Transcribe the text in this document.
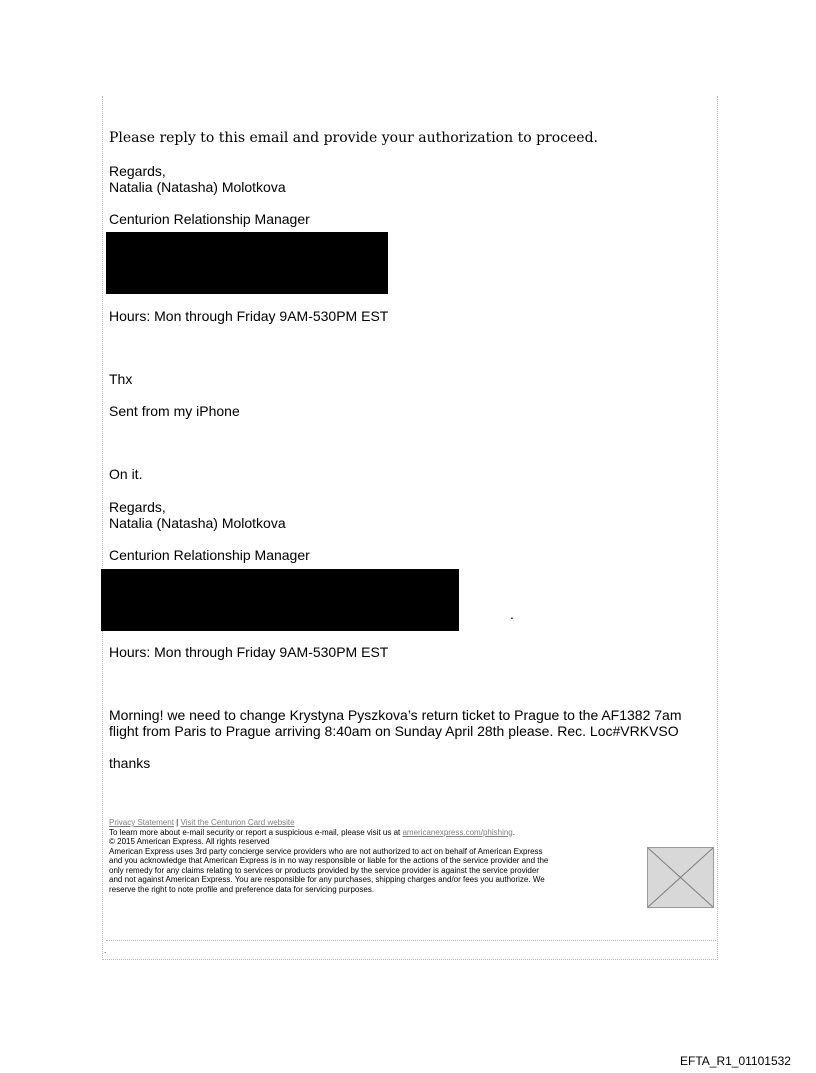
Please reply to this email and provide your authorization to proceed.
Regards,
Natalia (Natasha) Molotkova
Centurion Relationship Manager
Hours: Mon through Friday 9AM-530PM EST
Thx
Sent from my iPhone
On it.
Regards,
Natalia (Natasha) Molotkova
Centurion Relationship Manager
.
Hours: Mon through Friday 9AM-530PM EST
Morning! we need to change Krystyna Pyszkova’s return ticket to Prague to the AF1382 7am
flight from Paris to Prague arriving 8:40am on Sunday April 28th please. Rec. Loc#VRKVSO
thanks
Privacy Statement | Visit the Centurion Card website
To learn more about e-mail security or report a suspicious e-mail, please visit us at americanexpress.com/phishing.
© 2015 American Express. All rights reserved
American Express uses 3rd party concierge service providers who are not authorized to act on behalf of American Express
and you acknowledge that American Express is in no way responsible or liable for the actions of the service provider and the
only remedy for any claims relating to services or products provided by the service provider is against the service provider
and not against American Express. You are responsible for any purchases, shipping charges and/or fees you authorize. We
reserve the right to note profile and preference data for servicing purposes.
.
EFTA_R1_01101532
